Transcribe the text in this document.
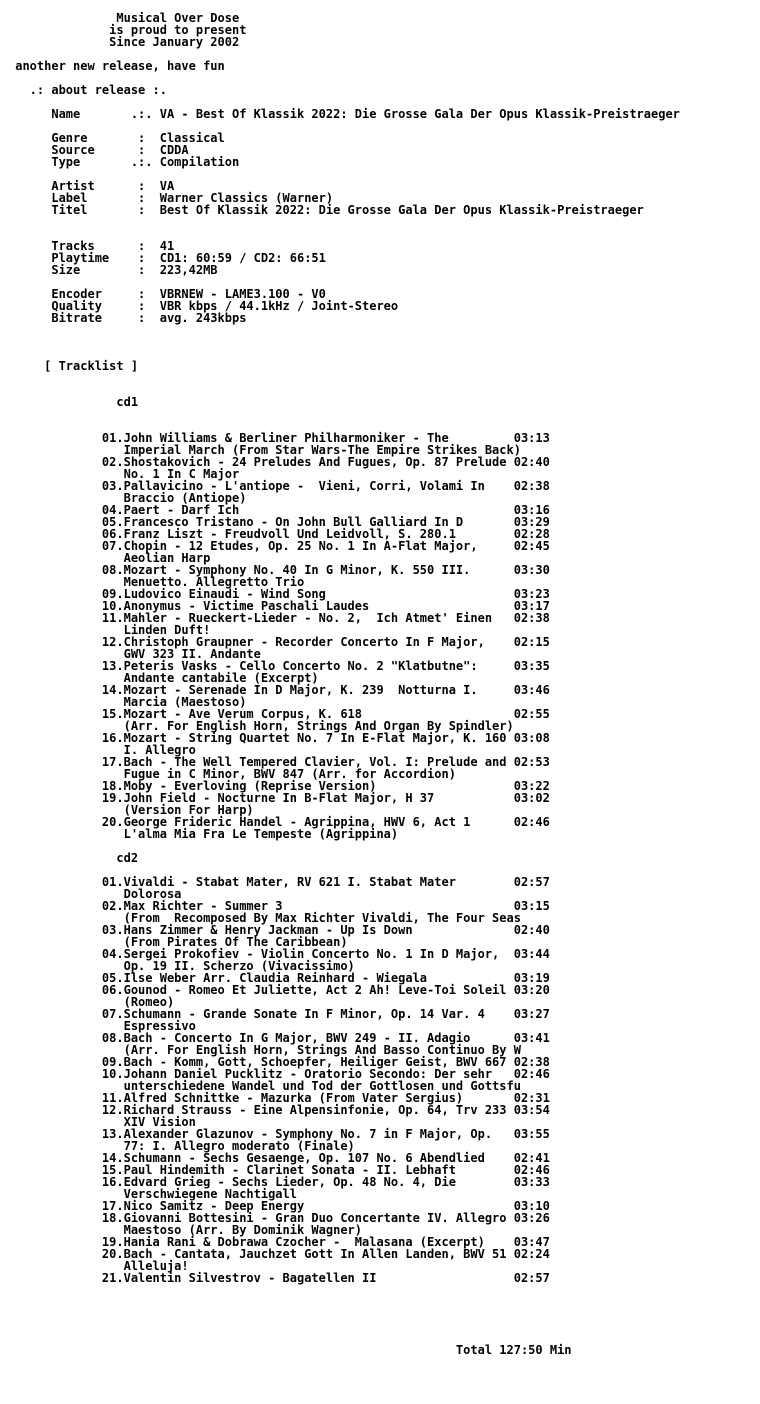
Musical Over Dose
is proud to present
Since January 2002
another new release, have fun
.: about release :.
Name       .:. VA - Best Of Klassik 2022: Die Grosse Gala Der Opus Klassik-Preistraeger
Genre       :  Classical
Source      :  CDDA
Type       .:. Compilation
Artist      :  VA
Label       :  Warner Classics (Warner)
Titel       :  Best Of Klassik 2022: Die Grosse Gala Der Opus Klassik-Preistraeger
Tracks      :  41
Playtime    :  CD1: 60:59 / CD2: 66:51
Size        :  223,42MB
Encoder     :  VBRNEW - LAME3.100 - V0
Quality     :  VBR kbps / 44.1kHz / Joint-Stereo
Bitrate     :  avg. 243kbps
[ Tracklist ]
cd1
01.John Williams & Berliner Philharmoniker - The         03:13
Imperial March (From Star Wars-The Empire Strikes Back)
02.Shostakovich - 24 Preludes And Fugues, Op. 87 Prelude 02:40
No. 1 In C Major
03.Pallavicino - L'antiope -  Vieni, Corri, Volami In    02:38
Braccio (Antiope)
04.Paert - Darf Ich                                      03:16
05.Francesco Tristano - On John Bull Galliard In D       03:29
06.Franz Liszt - Freudvoll Und Leidvoll, S. 280.1        02:28
07.Chopin - 12 Etudes, Op. 25 No. 1 In A-Flat Major,     02:45
Aeolian Harp
08.Mozart - Symphony No. 40 In G Minor, K. 550 III.      03:30
Menuetto. Allegretto Trio
09.Ludovico Einaudi - Wind Song                          03:23
10.Anonymus - Victime Paschali Laudes                    03:17
11.Mahler - Rueckert-Lieder - No. 2,  Ich Atmet' Einen   02:38
Linden Duft!
12.Christoph Graupner - Recorder Concerto In F Major,    02:15
GWV 323 II. Andante
13.Peteris Vasks - Cello Concerto No. 2 "Klatbutne":     03:35
Andante cantabile (Excerpt)
14.Mozart - Serenade In D Major, K. 239  Notturna I.     03:46
Marcia (Maestoso)
15.Mozart - Ave Verum Corpus, K. 618                     02:55
(Arr. For English Horn, Strings And Organ By Spindler)
16.Mozart - String Quartet No. 7 In E-Flat Major, K. 160 03:08
I. Allegro
17.Bach - The Well Tempered Clavier, Vol. I: Prelude and 02:53
Fugue in C Minor, BWV 847 (Arr. for Accordion)
18.Moby - Everloving (Reprise Version)                   03:22
19.John Field - Nocturne In B-Flat Major, H 37           03:02
(Version For Harp)
20.George Frideric Handel - Agrippina, HWV 6, Act 1      02:46
L'alma Mia Fra Le Tempeste (Agrippina)
cd2
01.Vivaldi - Stabat Mater, RV 621 I. Stabat Mater        02:57
Dolorosa
02.Max Richter - Summer 3                                03:15
(From  Recomposed By Max Richter Vivaldi, The Four Seas
03.Hans Zimmer & Henry Jackman - Up Is Down              02:40
(From Pirates Of The Caribbean)
04.Sergei Prokofiev - Violin Concerto No. 1 In D Major,  03:44
Op. 19 II. Scherzo (Vivacissimo)
05.Ilse Weber Arr. Claudia Reinhard - Wiegala            03:19
06.Gounod - Romeo Et Juliette, Act 2 Ah! Leve-Toi Soleil 03:20
(Romeo)
07.Schumann - Grande Sonate In F Minor, Op. 14 Var. 4    03:27
Espressivo
08.Bach - Concerto In G Major, BWV 249 - II. Adagio      03:41
(Arr. For English Horn, Strings And Basso Continuo By W
09.Bach - Komm, Gott, Schoepfer, Heiliger Geist, BWV 667 02:38
10.Johann Daniel Pucklitz - Oratorio Secondo: Der sehr   02:46
unterschiedene Wandel und Tod der Gottlosen und Gottsfu
11.Alfred Schnittke - Mazurka (From Vater Sergius)       02:31
12.Richard Strauss - Eine Alpensinfonie, Op. 64, Trv 233 03:54
XIV Vision
13.Alexander Glazunov - Symphony No. 7 in F Major, Op.   03:55
77: I. Allegro moderato (Finale)
14.Schumann - Sechs Gesaenge, Op. 107 No. 6 Abendlied    02:41
15.Paul Hindemith - Clarinet Sonata - II. Lebhaft        02:46
16.Edvard Grieg - Sechs Lieder, Op. 48 No. 4, Die        03:33
Verschwiegene Nachtigall
17.Nico Samitz - Deep Energy                             03:10
18.Giovanni Bottesini - Gran Duo Concertante IV. Allegro 03:26
Maestoso (Arr. By Dominik Wagner)
19.Hania Rani & Dobrawa Czocher -  Malasana (Excerpt)    03:47
20.Bach - Cantata, Jauchzet Gott In Allen Landen, BWV 51 02:24
Alleluja!
21.Valentin Silvestrov - Bagatellen II                   02:57
Total 127:50 Min
